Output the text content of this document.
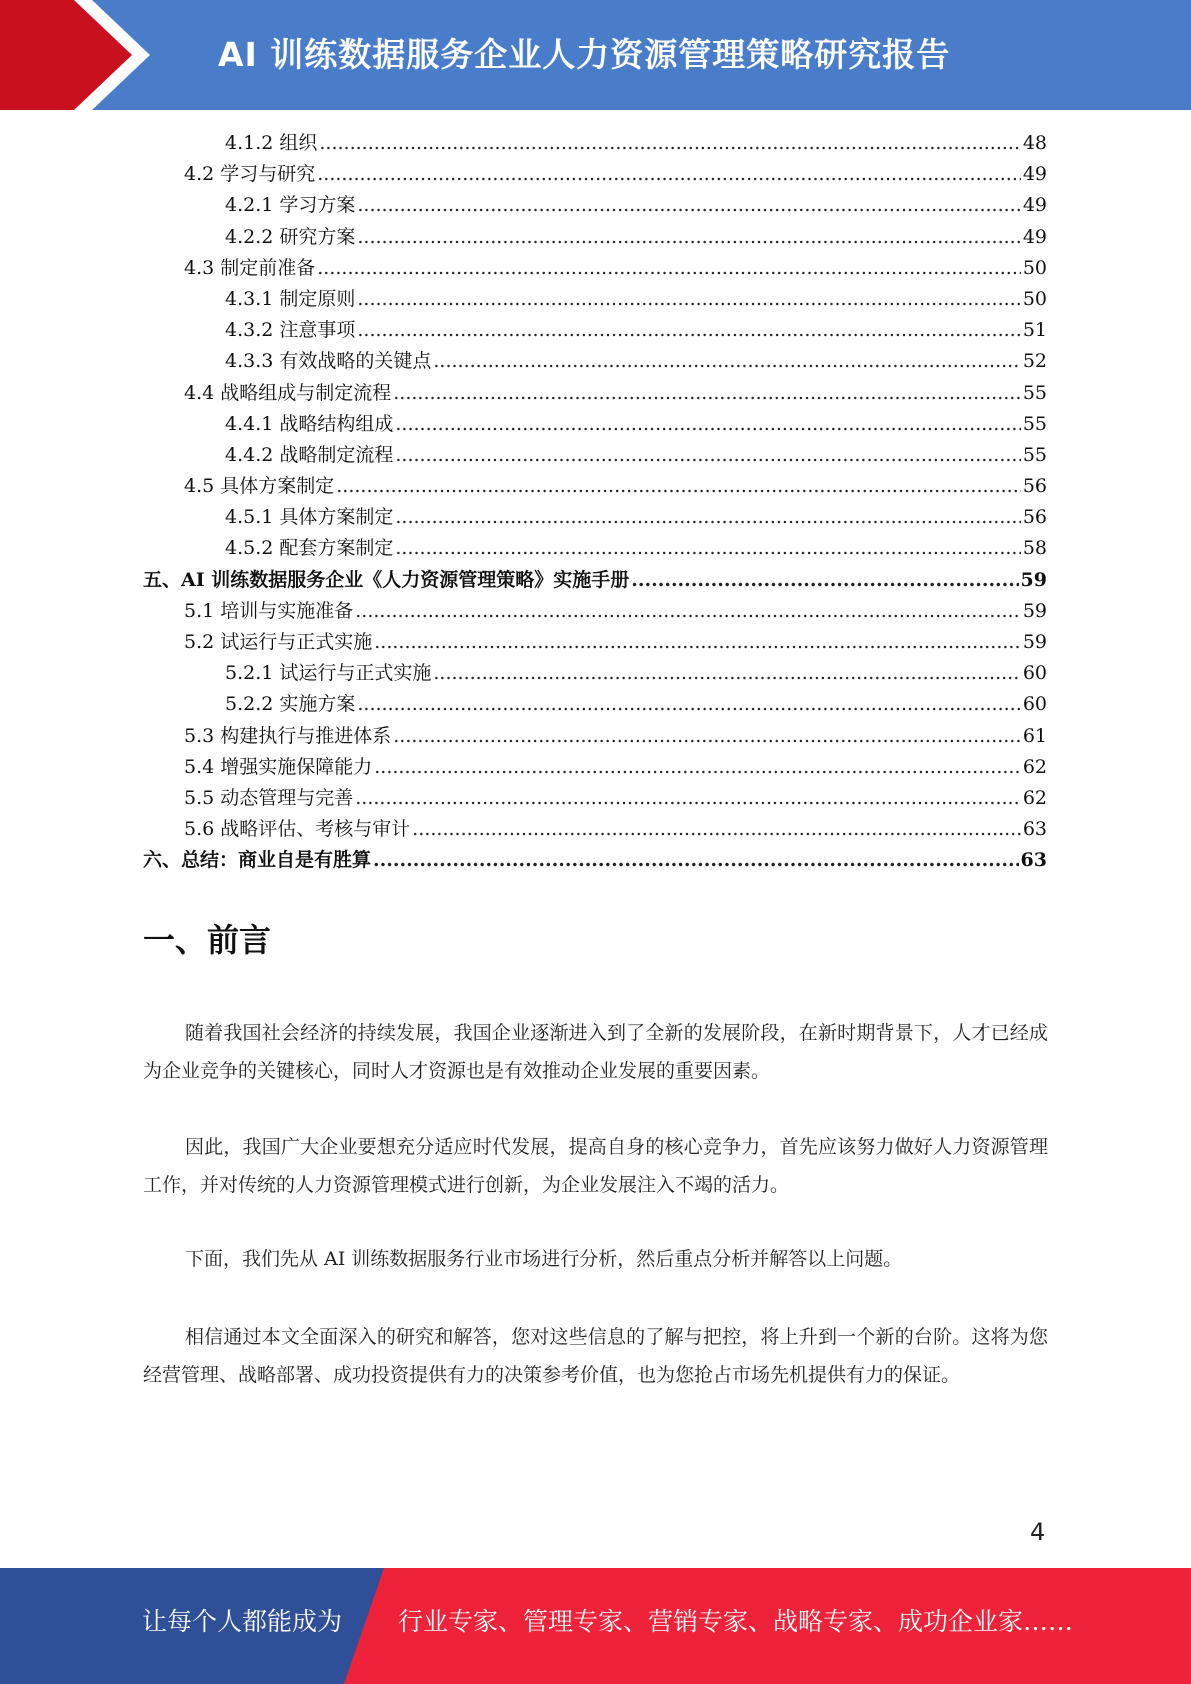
AI 训练数据服务企业人力资源管理策略研究报告
4.1.2 组织 .....	48
4.2 学习与研究 .....	49
4.2.1 学习方案 .....	49
4.2.2 研究方案 .....	49
4.3 制定前准备 .....	50
4.3.1 制定原则 .....	50
4.3.2 注意事项 .....	51
4.3.3 有效战略的关键点 .....	52
4.4 战略组成与制定流程 .....	55
4.4.1 战略结构组成 .....	55
4.4.2 战略制定流程 .....	55
4.5 具体方案制定 .....	56
4.5.1 具体方案制定 .....	56
4.5.2 配套方案制定 .....	58
五、AI 训练数据服务企业《人力资源管理策略》实施手册 .....	59
5.1 培训与实施准备 .....	59
5.2 试运行与正式实施 .....	59
5.2.1 试运行与正式实施 .....	60
5.2.2 实施方案 .....	60
5.3 构建执行与推进体系 .....	61
5.4 增强实施保障能力 .....	62
5.5 动态管理与完善 .....	62
5.6 战略评估、考核与审计 .....	63
六、总结：商业自是有胜算 .....	63
一、前言

随着我国社会经济的持续发展，我国企业逐渐进入到了全新的发展阶段，在新时期背景下，人才已经成为企业竞争的关键核心，同时人才资源也是有效推动企业发展的重要因素。

因此，我国广大企业要想充分适应时代发展，提高自身的核心竞争力，首先应该努力做好人力资源管理工作，并对传统的人力资源管理模式进行创新，为企业发展注入不竭的活力。

下面，我们先从 AI 训练数据服务行业市场进行分析，然后重点分析并解答以上问题。

相信通过本文全面深入的研究和解答，您对这些信息的了解与把控，将上升到一个新的台阶。这将为您经营管理、战略部署、成功投资提供有力的决策参考价值，也为您抢占市场先机提供有力的保证。

4
让每个人都能成为 行业专家、管理专家、营销专家、战略专家、成功企业家……
